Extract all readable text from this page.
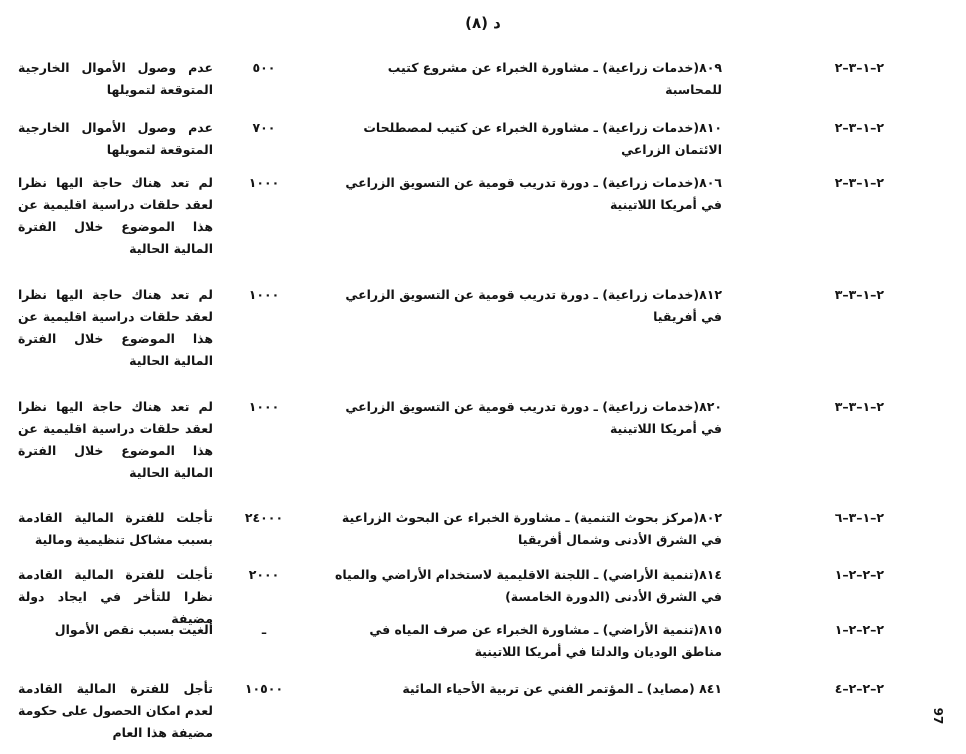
د (٨)
٢–١–٣–٢
٨٠٩(خدمات زراعية) ـ مشاورة الخبراء عن مشروع كتيب للمحاسبة
٥٠٠
عدم وصول الأموال الخارجية المتوقعة لتمويلها
٢–١–٣–٢
٨١٠(خدمات زراعية) ـ مشاورة الخبراء عن كتيب لمصطلحات الائتمان الزراعي
٧٠٠
عدم وصول الأموال الخارجية المتوقعة لتمويلها
٢–١–٣–٢
٨٠٦(خدمات زراعية) ـ دورة تدريب قومية عن التسويق الزراعي في أمريكا اللاتينية
١٠٠٠
لم تعد هناك حاجة اليها نظرا لعقد حلقات دراسية اقليمية عن هذا الموضوع خلال الفترة المالية الحالية
٢–١–٣–٣
٨١٢(خدمات زراعية) ـ دورة تدريب قومية عن التسويق الزراعي في أفريقيا
١٠٠٠
لم تعد هناك حاجة اليها نظرا لعقد حلقات دراسية اقليمية عن هذا الموضوع خلال الفترة المالية الحالية
٢–١–٣–٣
٨٢٠(خدمات زراعية) ـ دورة تدريب قومية عن التسويق الزراعي في أمريكا اللاتينية
١٠٠٠
لم تعد هناك حاجة اليها نظرا لعقد حلقات دراسية اقليمية عن هذا الموضوع خلال الفترة المالية الحالية
٢–١–٣–٦
٨٠٢(مركز بحوث التنمية) ـ مشاورة الخبراء عن البحوث الزراعية في الشرق الأدنى وشمال أفريقيا
٢٤٠٠٠
تأجلت للفترة المالية القادمة بسبب مشاكل تنظيمية ومالية
٢–٢–٢–١
٨١٤(تنمية الأراضي) ـ اللجنة الاقليمية لاستخدام الأراضي والمياه في الشرق الأدنى (الدورة الخامسة)
٢٠٠٠
تأجلت للفترة المالية القادمة نظرا للتأخر في ايجاد دولة مضيفة
٢–٢–٢–١
٨١٥(تنمية الأراضي) ـ مشاورة الخبراء عن صرف المياه في مناطق الوديان والدلتا في أمريكا اللاتينية
ـ
ألغيت بسبب نقص الأموال
٢–٢–٢–٤
٨٤١ (مصايد) ـ المؤتمر الفني عن تربية الأحياء المائية
١٠٥٠٠
تأجل للفترة المالية القادمة لعدم امكان الحصول على حكومة مضيفة هذا العام
97
